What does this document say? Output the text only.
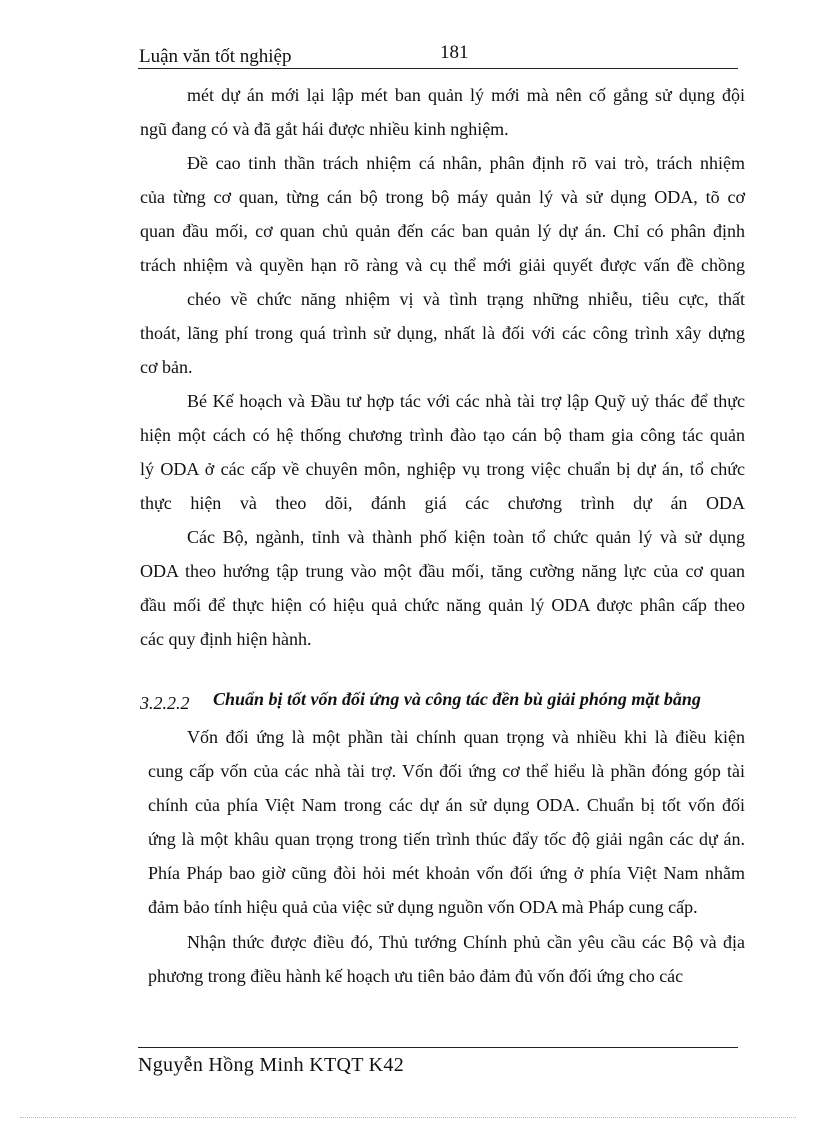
Luận văn tốt nghiệp	181
mét dự án mới lại lập mét ban quản lý mới mà nên cố gắng sử dụng đội
ngũ đang có và đã gắt hái được nhiều kinh nghiệm.
Đề cao tinh thần trách nhiệm cá nhân, phân định rõ vai trò, trách nhiệm
của từng cơ quan, từng cán bộ trong bộ máy quản lý và sử dụng ODA, tõ cơ
quan đầu mối, cơ quan chủ quản đến các ban quản lý dự án. Chỉ có phân định
trách nhiệm và quyền hạn rõ ràng và cụ thể mới giải quyết được vấn đề chồng
chéo về chức năng nhiệm vị và tình trạng những nhiễu, tiêu cực, thất
thoát, lãng phí trong quá trình sử dụng, nhất là đối với các công trình xây dựng
cơ bản.
Bé Kế hoạch và Đầu tư hợp tác với các nhà tài trợ lập Quỹ uỷ thác để thực
hiện một cách có hệ thống chương trình đào tạo cán bộ tham gia công tác quản
lý ODA ở các cấp về chuyên môn, nghiệp vụ trong việc chuẩn bị dự án, tổ chức
thực hiện và theo dõi, đánh giá các chương trình dự án ODA
Các Bộ, ngành, tỉnh và thành phố kiện toàn tổ chức quản lý và sử dụng
ODA theo hướng tập trung vào một đầu mối, tăng cường năng lực của cơ quan
đầu mối để thực hiện có hiệu quả chức năng quản lý ODA được phân cấp theo
các quy định hiện hành.
3.2.2.2 Chuẩn bị tốt vốn đối ứng và công tác đền bù giải phóng mặt bằng
Vốn đối ứng là một phần tài chính quan trọng và nhiều khi là điều kiện
cung cấp vốn của các nhà tài trợ. Vốn đối ứng cơ thể hiểu là phần đóng góp tài
chính của phía Việt Nam trong các dự án sử dụng ODA. Chuẩn bị tốt vốn đối
ứng là một khâu quan trọng trong tiến trình thúc đẩy tốc độ giải ngân các dự án.
Phía Pháp bao giờ cũng đòi hỏi mét khoản vốn đối ứng ở phía Việt Nam nhằm
đảm bảo tính hiệu quả của việc sử dụng nguồn vốn ODA mà Pháp cung cấp.
Nhận thức được điều đó, Thủ tướng Chính phủ cần yêu cầu các Bộ và địa
phương trong điều hành kế hoạch ưu tiên bảo đảm đủ vốn đối ứng cho các
Nguyễn Hồng Minh KTQT K42
